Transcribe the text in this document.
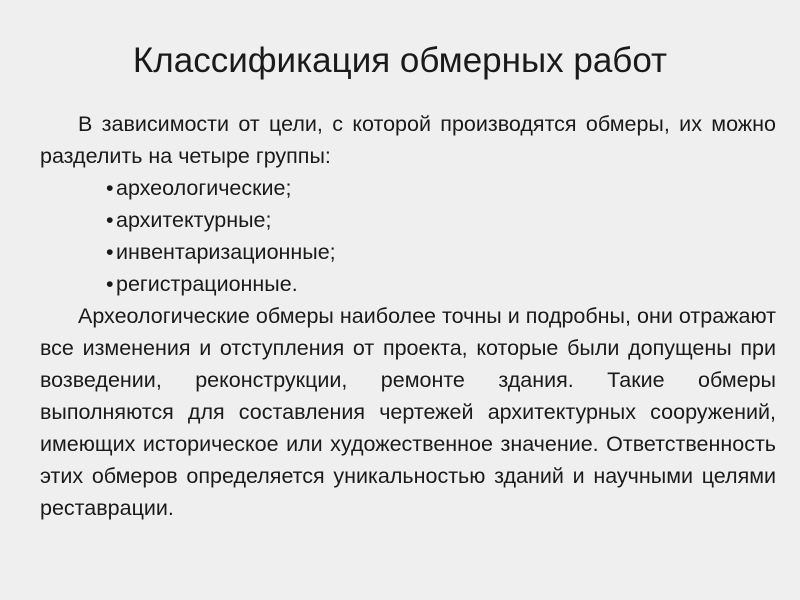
Классификация обмерных работ

В зависимости от цели, с которой производятся обмеры, их можно разделить на четыре группы:

• археологические;
• архитектурные;
• инвентаризационные;
• регистрационные.

Археологические обмеры наиболее точны и подробны, они отражают все изменения и отступления от проекта, которые были допущены при возведении, реконструкции, ремонте здания. Такие обмеры выполняются для составления чертежей архитектурных сооружений, имеющих историческое или художественное значение. Ответственность этих обмеров определяется уникальностью зданий и научными целями реставрации.
